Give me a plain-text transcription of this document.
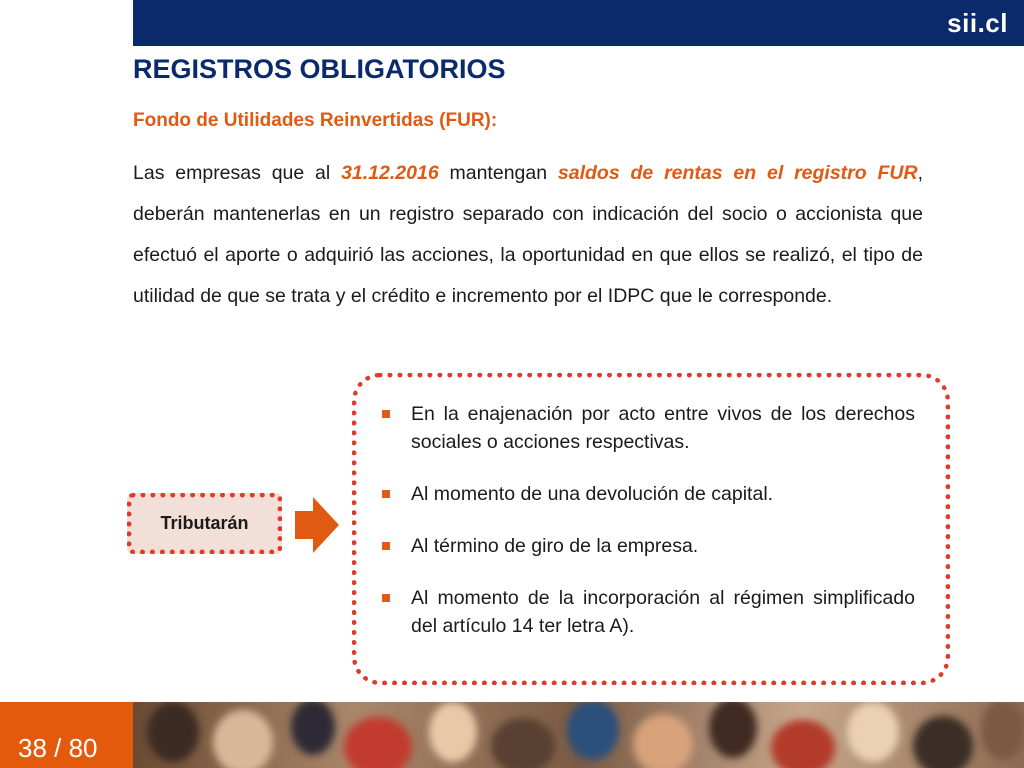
sii.cl
REGISTROS OBLIGATORIOS
Fondo de Utilidades Reinvertidas (FUR):

Las empresas que al 31.12.2016 mantengan saldos de rentas en el registro FUR, deberán mantenerlas en un registro separado con indicación del socio o accionista que efectuó el aporte o adquirió las acciones, la oportunidad en que ellos se realizó, el tipo de utilidad de que se trata y el crédito e incremento por el IDPC que le corresponde.

Tributarán
En la enajenación por acto entre vivos de los derechos sociales o acciones respectivas.
Al momento de una devolución de capital.
Al término de giro de la empresa.
Al momento de la incorporación al régimen simplificado del artículo 14 ter letra A).
38 / 80
